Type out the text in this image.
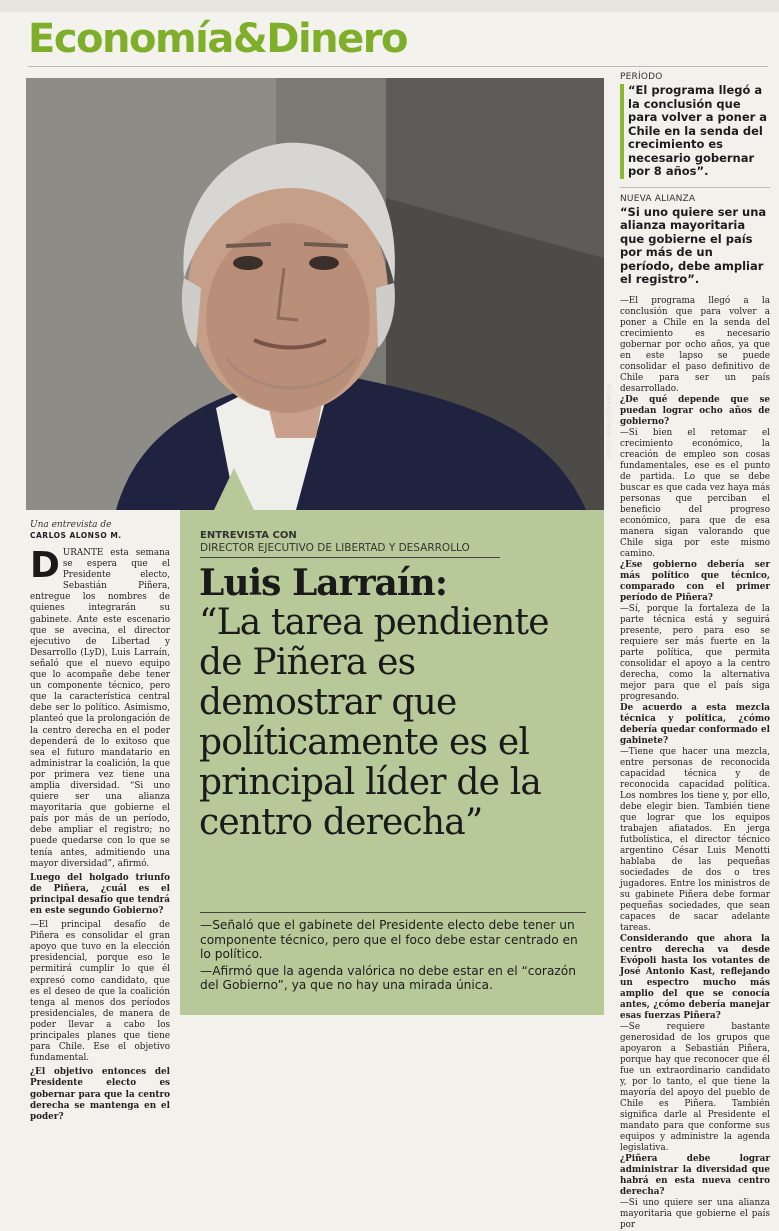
Economía&Dinero
FOTO: REINALDO UBILLA
PERÍODO
“El programa llegó a la conclusión que para volver a poner a Chile en la senda del crecimiento es necesario gobernar por 8 años”.
NUEVA ALIANZA
“Si uno quiere ser una alianza mayoritaria que gobierne el país por más de un período, debe ampliar el registro”.
Una entrevista de
CARLOS ALONSO M.

DURANTE esta semana se espera que el Presidente electo, Sebastián Piñera, entregue los nombres de quienes integrarán su gabinete. Ante este escenario que se avecina, el director ejecutivo de Libertad y Desarrollo (LyD), Luis Larraín, señaló que el nuevo equipo que lo acompañe debe tener un componente técnico, pero que la característica central debe ser lo político. Asimismo, planteó que la prolongación de la centro derecha en el poder dependerá de lo exitoso que sea el futuro mandatario en administrar la coalición, la que por primera vez tiene una amplia diversidad. “Si uno quiere ser una alianza mayoritaria que gobierne el país por más de un período, debe ampliar el registro; no puede quedarse con lo que se tenía antes, admitiendo una mayor diversidad”, afirmó.

Luego del holgado triunfo de Piñera, ¿cuál es el principal desafío que tendrá en este segundo Gobierno?

—El principal desafío de Piñera es consolidar el gran apoyo que tuvo en la elección presidencial, porque eso le permitirá cumplir lo que él expresó como candidato, que es el deseo de que la coalición tenga al menos dos períodos presidenciales, de manera de poder llevar a cabo los principales planes que tiene para Chile. Ese el objetivo fundamental.

¿El objetivo entonces del Presidente electo es gobernar para que la centro derecha se mantenga en el poder?

ENTREVISTA CON
DIRECTOR EJECUTIVO DE LIBERTAD Y DESARROLLO
Luis Larraín:
“La tarea pendiente de Piñera es demostrar que políticamente es el principal líder de la centro derecha”

—Señaló que el gabinete del Presidente electo debe tener un componente técnico, pero que el foco debe estar centrado en lo político.

—Afirmó que la agenda valórica no debe estar en el “corazón del Gobierno”, ya que no hay una mirada única.

—El programa llegó a la conclusión que para volver a poner a Chile en la senda del crecimiento es necesario gobernar por ocho años, ya que en este lapso se puede consolidar el paso definitivo de Chile para ser un país desarrollado.

¿De qué depende que se puedan lograr ocho años de gobierno?

—Si bien el retomar el crecimiento económico, la creación de empleo son cosas fundamentales, ese es el punto de partida. Lo que se debe buscar es que cada vez haya más personas que perciban el beneficio del progreso económico, para que de esa manera sigan valorando que Chile siga por este mismo camino.

¿Ese gobierno debería ser más político que técnico, comparado con el primer período de Piñera?

—Sí, porque la fortaleza de la parte técnica está y seguirá presente, pero para eso se requiere ser más fuerte en la parte política, que permita consolidar el apoyo a la centro derecha, como la alternativa mejor para que el país siga progresando.

De acuerdo a esta mezcla técnica y política, ¿cómo debería quedar conformado el gabinete?

—Tiene que hacer una mezcla, entre personas de reconocida capacidad técnica y de reconocida capacidad política. Los nombres los tiene y, por ello, debe elegir bien. También tiene que lograr que los equipos trabajen afiatados. En jerga futbolística, el director técnico argentino César Luis Menotti hablaba de las pequeñas sociedades de dos o tres jugadores. Entre los ministros de su gabinete Piñera debe formar pequeñas sociedades, que sean capaces de sacar adelante tareas.

Considerando que ahora la centro derecha va desde Evópoli hasta los votantes de José Antonio Kast, reflejando un espectro mucho más amplio del que se conocía antes, ¿cómo debería manejar esas fuerzas Piñera?

—Se requiere bastante generosidad de los grupos que apoyaron a Sebastián Piñera, porque hay que reconocer que él fue un extraordinario candidato y, por lo tanto, el que tiene la mayoría del apoyo del pueblo de Chile es Piñera. También significa darle al Presidente el mandato para que conforme sus equipos y administre la agenda legislativa.

¿Piñera debe lograr administrar la diversidad que habrá en esta nueva centro derecha?

—Si uno quiere ser una alianza mayoritaria que gobierne el país por
